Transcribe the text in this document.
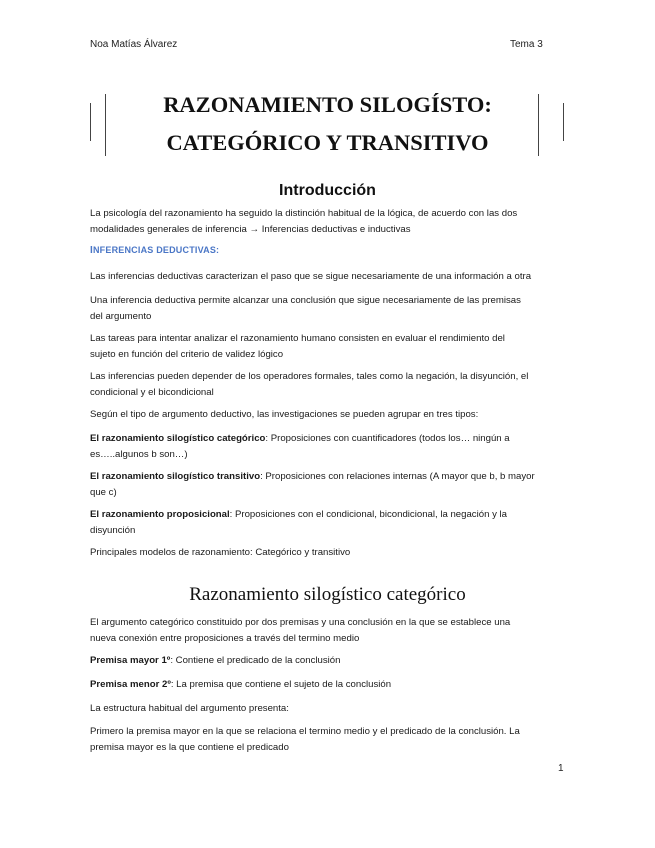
Noa Matías Álvarez	Tema 3
RAZONAMIENTO SILOGÍSTO:
CATEGÓRICO Y TRANSITIVO
Introducción
La psicología del razonamiento ha seguido la distinción habitual de la lógica, de acuerdo con las dos
modalidades generales de inferencia → Inferencias deductivas e inductivas
INFERENCIAS DEDUCTIVAS:
Las inferencias deductivas caracterizan el paso que se sigue necesariamente de una información a otra
Una inferencia deductiva permite alcanzar una conclusión que sigue necesariamente de las premisas
del argumento
Las tareas para intentar analizar el razonamiento humano consisten en evaluar el rendimiento del
sujeto en función del criterio de validez lógico
Las inferencias pueden depender de los operadores formales, tales como la negación, la disyunción, el
condicional y el bicondicional
Según el tipo de argumento deductivo, las investigaciones se pueden agrupar en tres tipos:
El razonamiento silogístico categórico: Proposiciones con cuantificadores (todos los… ningún a
es…..algunos b son…)
El razonamiento silogístico transitivo: Proposiciones con relaciones internas (A mayor que b, b mayor
que c)
El razonamiento proposicional: Proposiciones con el condicional, bicondicional, la negación y la
disyunción
Principales modelos de razonamiento: Categórico y transitivo
Razonamiento silogístico categórico
El argumento categórico constituido por dos premisas y una conclusión en la que se establece una
nueva conexión entre proposiciones a través del termino medio
Premisa mayor 1º: Contiene el predicado de la conclusión
Premisa menor 2º: La premisa que contiene el sujeto de la conclusión
La estructura habitual del argumento presenta:
Primero la premisa mayor en la que se relaciona el termino medio y el predicado de la conclusión. La
premisa mayor es la que contiene el predicado
1
